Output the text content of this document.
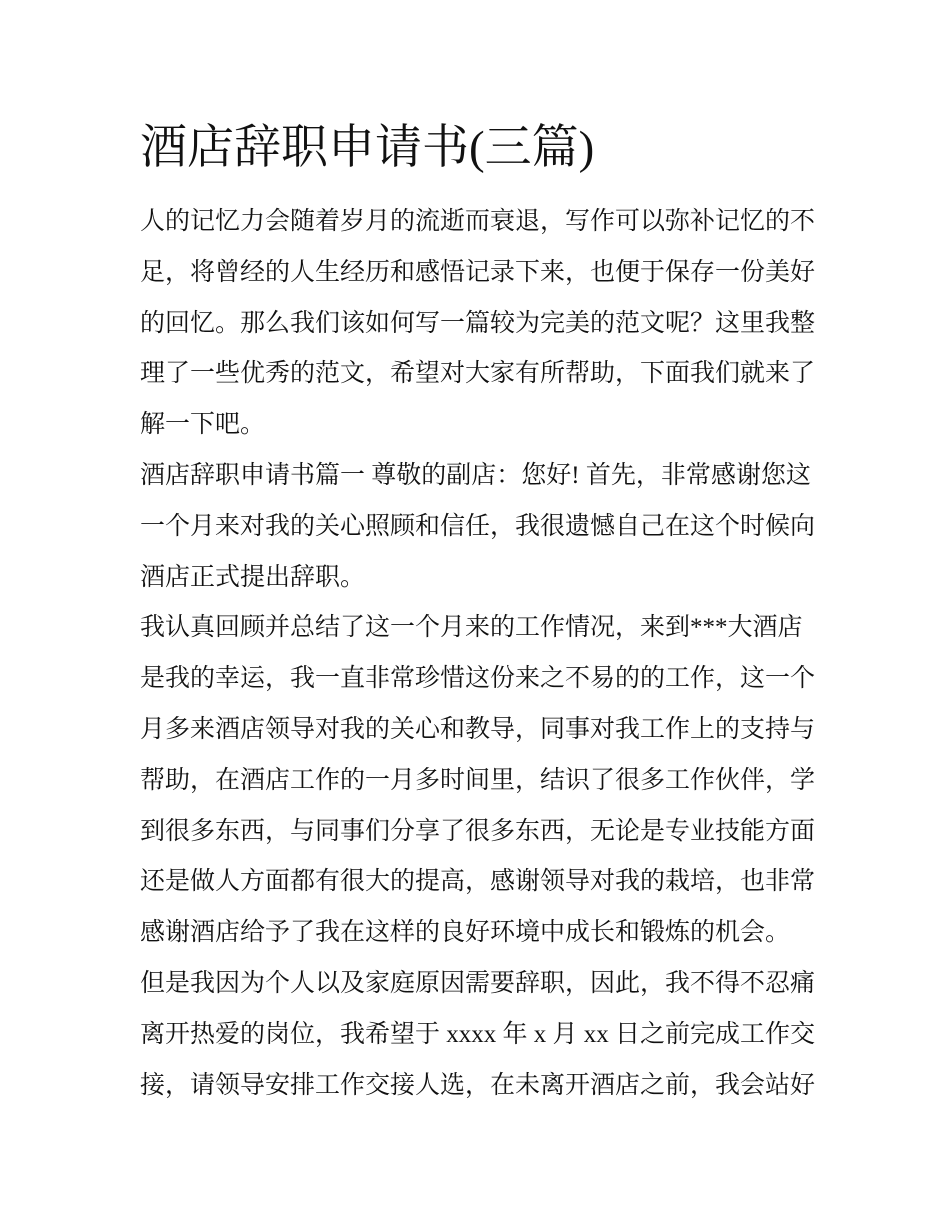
酒店辞职申请书(三篇)
人的记忆力会随着岁月的流逝而衰退，写作可以弥补记忆的不
足，将曾经的人生经历和感悟记录下来，也便于保存一份美好
的回忆。那么我们该如何写一篇较为完美的范文呢？这里我整
理了一些优秀的范文，希望对大家有所帮助，下面我们就来了
解一下吧。
酒店辞职申请书篇一 尊敬的副店：您好! 首先，非常感谢您这
一个月来对我的关心照顾和信任，我很遗憾自己在这个时候向
酒店正式提出辞职。
我认真回顾并总结了这一个月来的工作情况，来到***大酒店
是我的幸运，我一直非常珍惜这份来之不易的的工作，这一个
月多来酒店领导对我的关心和教导，同事对我工作上的支持与
帮助，在酒店工作的一月多时间里，结识了很多工作伙伴，学
到很多东西，与同事们分享了很多东西，无论是专业技能方面
还是做人方面都有很大的提高，感谢领导对我的栽培，也非常
感谢酒店给予了我在这样的良好环境中成长和锻炼的机会。
但是我因为个人以及家庭原因需要辞职，因此，我不得不忍痛
离开热爱的岗位，我希望于 xxxx 年 x 月 xx 日之前完成工作交
接，请领导安排工作交接人选，在未离开酒店之前，我会站好
